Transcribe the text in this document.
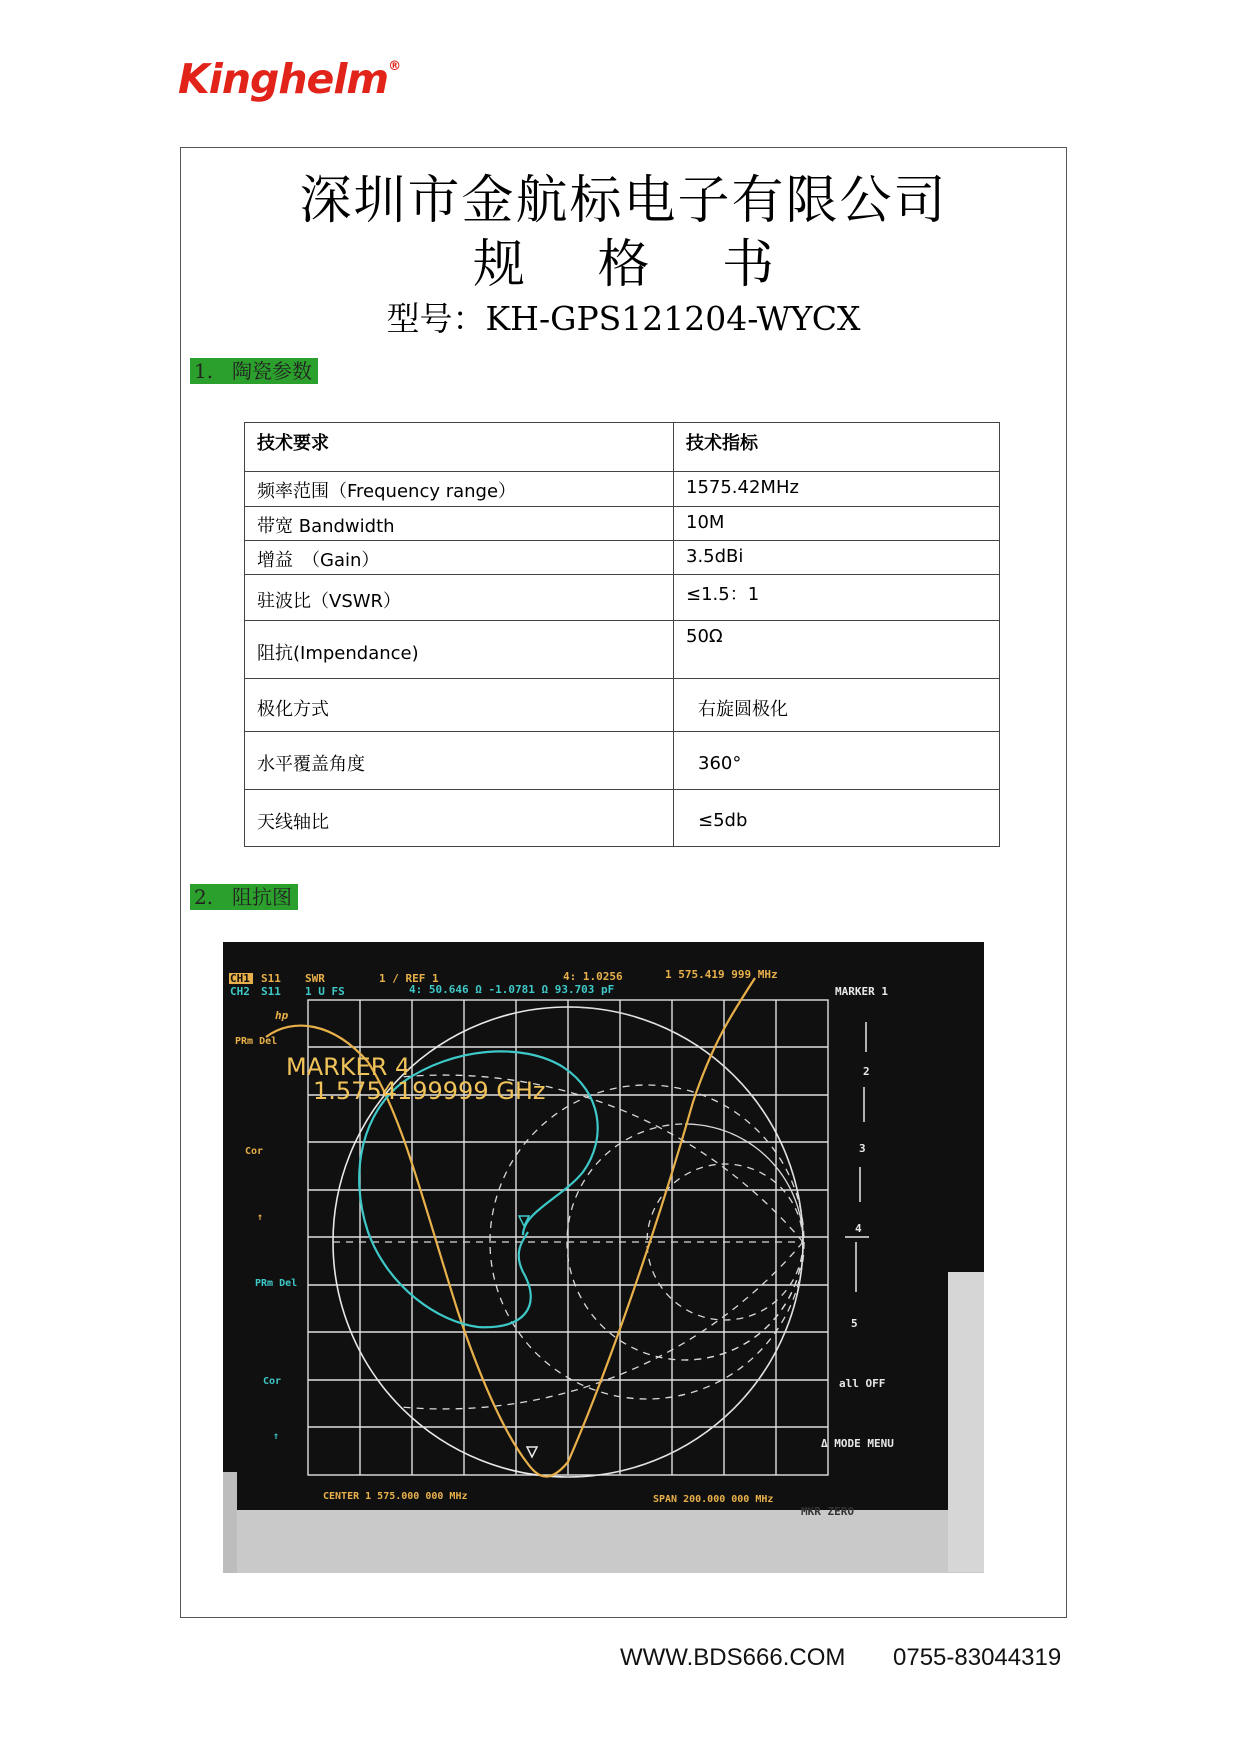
Kinghelm®
深圳市金航标电子有限公司
规 格 书
型号：KH-GPS121204-WYCX
1. 陶瓷参数
技术要求	技术指标
频率范围（Frequency range）	1575.42MHz
带宽 Bandwidth	10M
增益　（Gain）	3.5dBi
驻波比（VSWR）	≤1.5：1
阻抗(Impendance)	50Ω
极化方式	右旋圆极化
水平覆盖角度	360°
天线轴比	≤5db
2. 阻抗图
CH1 S11 SWR	1 / REF 1	4: 1.0256	1 575.419 999 MHz
CH2 S11 1 U FS	4: 50.646 Ω -1.0781 Ω 93.703 pF
hp
MARKER 4
1.5754199999 GHz
PRm Del
Cor
↑
PRm Del
Cor
↑
MARKER 1
2
3
4
5
all OFF
Δ MODE MENU
MKR ZERO
CENTER 1 575.000 000 MHz	SPAN 200.000 000 MHz
WWW.BDS666.COM 0755-83044319
